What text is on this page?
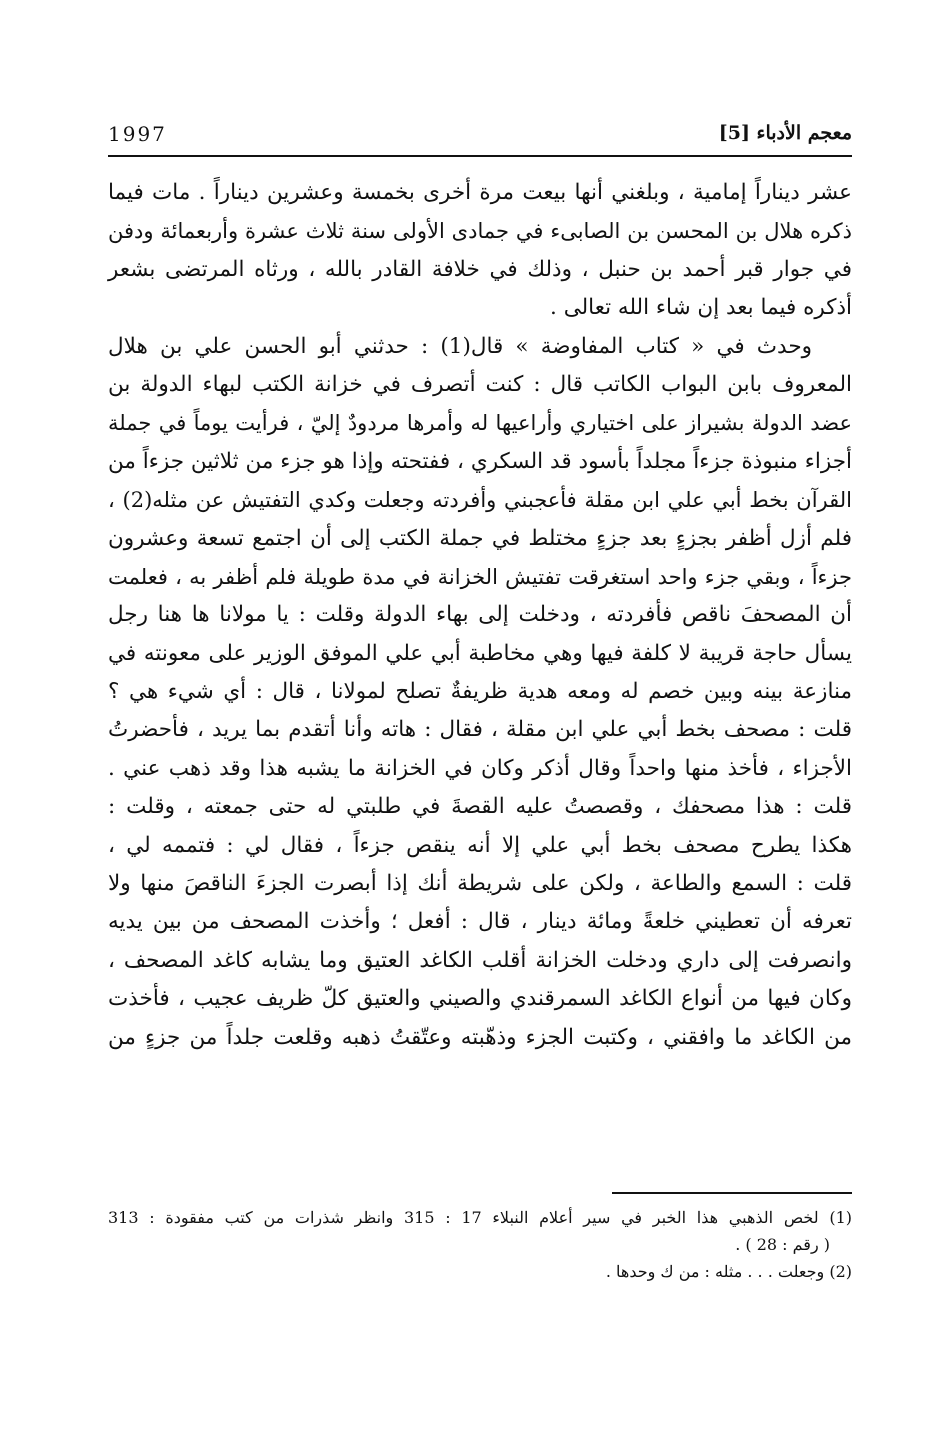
معجم الأدباء [5]
1997
عشر ديناراً إمامية ، وبلغني أنها بيعت مرة أخرى بخمسة وعشرين ديناراً . مات فيما
ذكره هلال بن المحسن بن الصابىء في جمادى الأولى سنة ثلاث عشرة وأربعمائة ودفن
في جوار قبر أحمد بن حنبل ، وذلك في خلافة القادر بالله ، ورثاه المرتضى بشعر
أذكره فيما بعد إن شاء الله تعالى .
وحدث في « كتاب المفاوضة » قال(1) : حدثني أبو الحسن علي بن هلال
المعروف بابن البواب الكاتب قال : كنت أتصرف في خزانة الكتب لبهاء الدولة بن
عضد الدولة بشيراز على اختياري وأراعيها له وأمرها مردودٌ إليّ ، فرأيت يوماً في جملة
أجزاء منبوذة جزءاً مجلداً بأسود قد السكري ، ففتحته وإذا هو جزء من ثلاثين جزءاً من
القرآن بخط أبي علي ابن مقلة فأعجبني وأفردته وجعلت وكدي التفتيش عن مثله(2) ،
فلم أزل أظفر بجزءٍ بعد جزءٍ مختلط في جملة الكتب إلى أن اجتمع تسعة وعشرون
جزءاً ، وبقي جزء واحد استغرقت تفتيش الخزانة في مدة طويلة فلم أظفر به ، فعلمت
أن المصحفَ ناقص فأفردته ، ودخلت إلى بهاء الدولة وقلت : يا مولانا ها هنا رجل
يسأل حاجة قريبة لا كلفة فيها وهي مخاطبة أبي علي الموفق الوزير على معونته في
منازعة بينه وبين خصم له ومعه هدية ظريفةٌ تصلح لمولانا ، قال : أي شيء هي ؟
قلت : مصحف بخط أبي علي ابن مقلة ، فقال : هاته وأنا أتقدم بما يريد ، فأحضرتُ
الأجزاء ، فأخذ منها واحداً وقال أذكر وكان في الخزانة ما يشبه هذا وقد ذهب عني .
قلت : هذا مصحفك ، وقصصتُ عليه القصةَ في طلبتي له حتى جمعته ، وقلت :
هكذا يطرح مصحف بخط أبي علي إلا أنه ينقص جزءاً ، فقال لي : فتممه لي ،
قلت : السمع والطاعة ، ولكن على شريطة أنك إذا أبصرت الجزءَ الناقصَ منها ولا
تعرفه أن تعطيني خلعةً ومائة دينار ، قال : أفعل ؛ وأخذت المصحف من بين يديه
وانصرفت إلى داري ودخلت الخزانة أقلب الكاغد العتيق وما يشابه كاغد المصحف ،
وكان فيها من أنواع الكاغد السمرقندي والصيني والعتيق كلّ ظريف عجيب ، فأخذت
من الكاغد ما وافقني ، وكتبت الجزء وذهّبته وعتّقتُ ذهبه وقلعت جلداً من جزءٍ من
(1) لخص الذهبي هذا الخبر في سير أعلام النبلاء 17 : 315 وانظر شذرات من كتب مفقودة : 313
( رقم : 28 ) .
(2) وجعلت . . . مثله : من ك وحدها .
